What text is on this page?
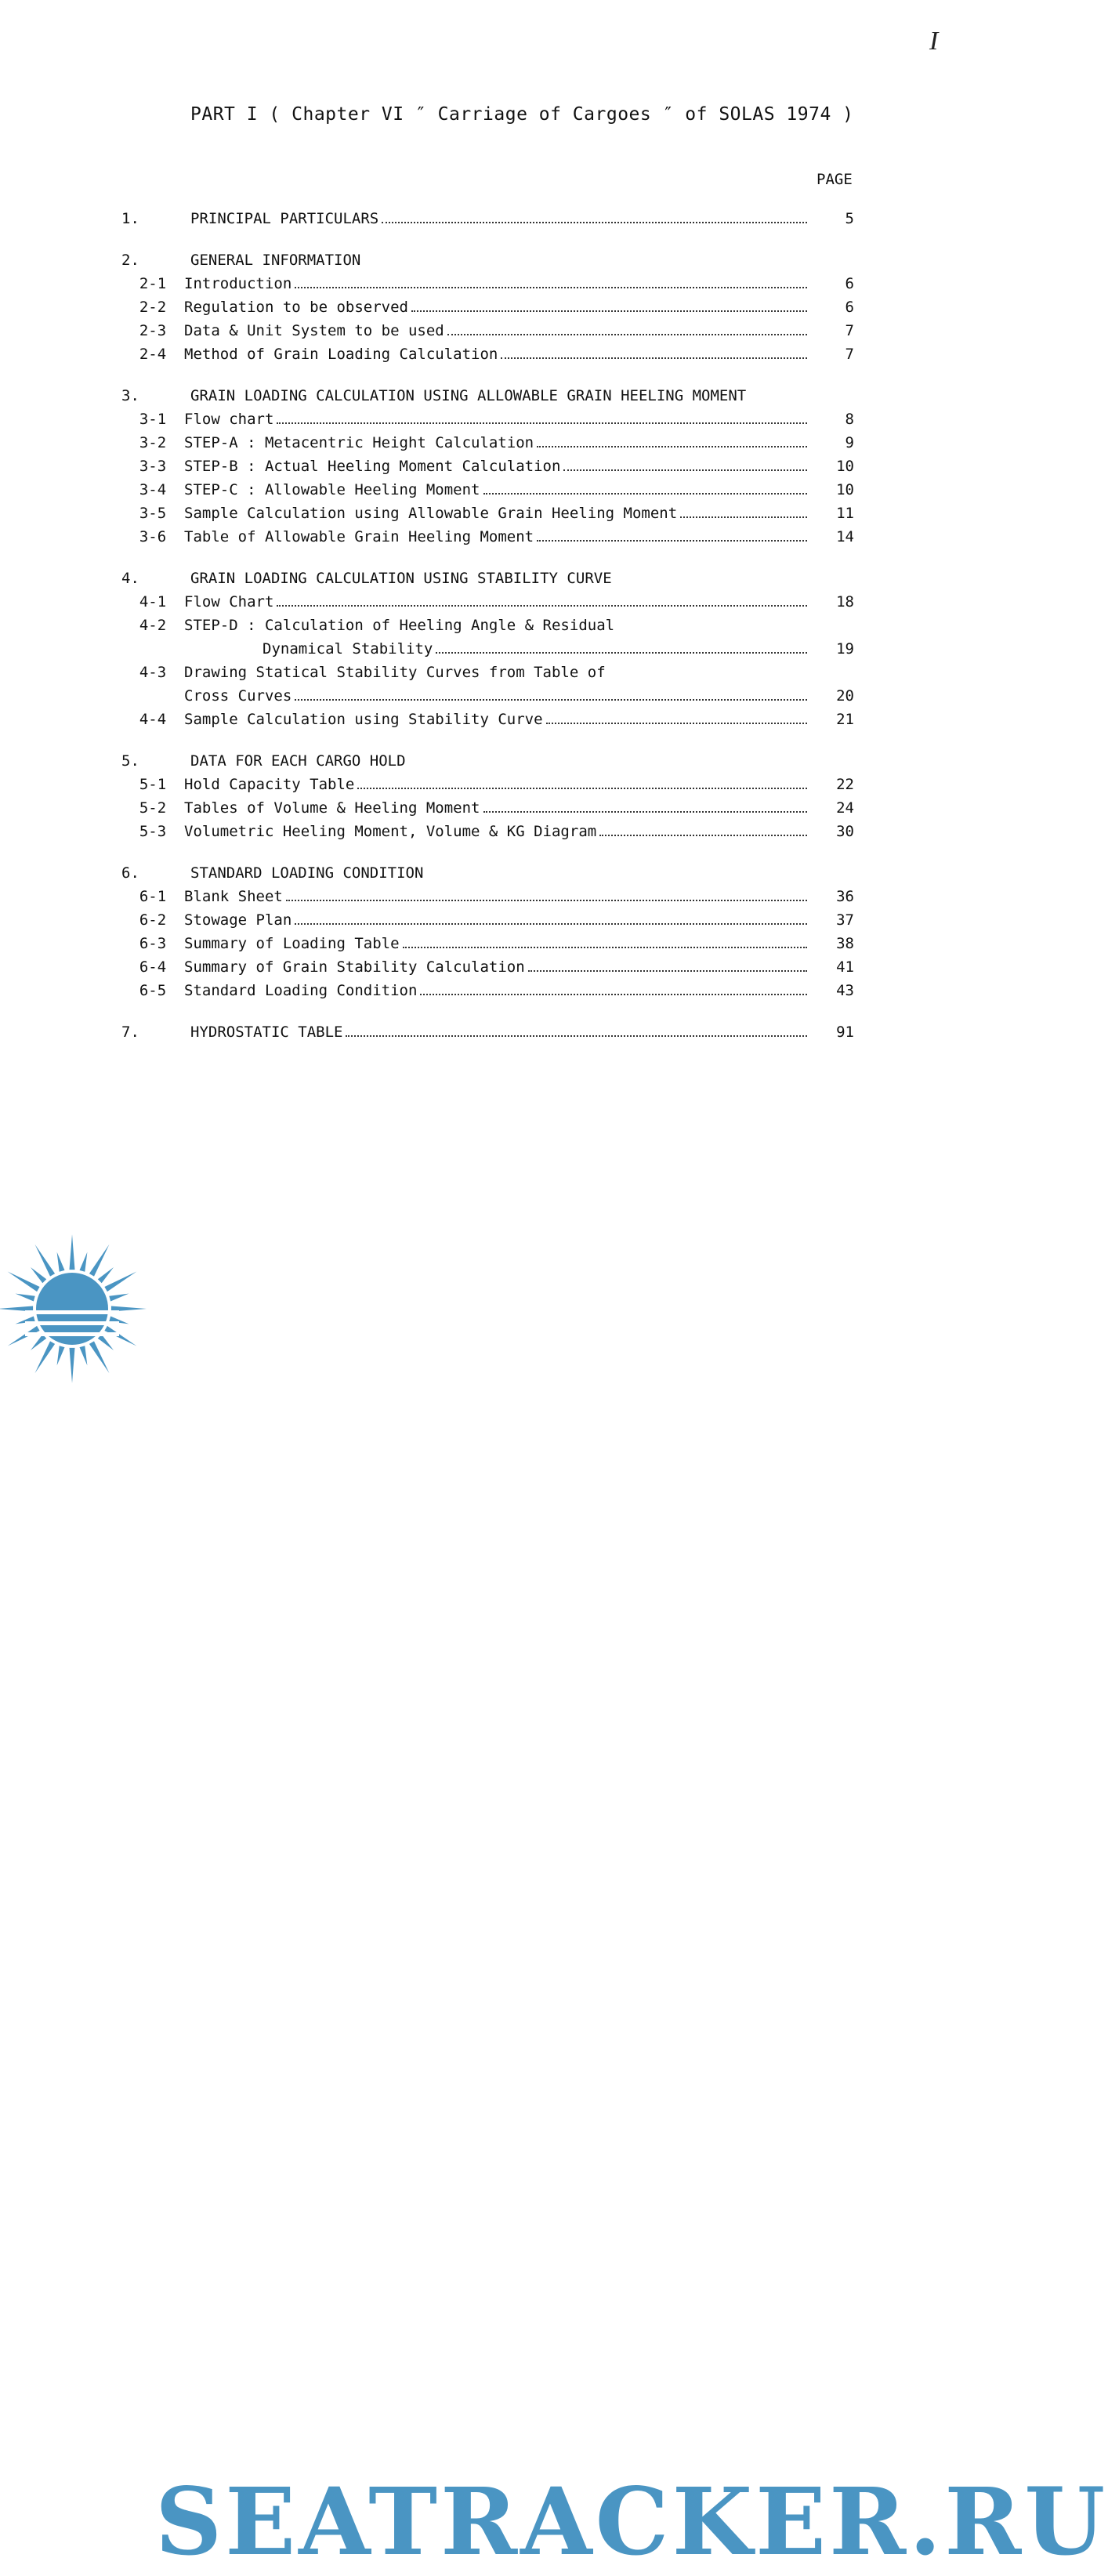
I
PART I ( Chapter VI ″ Carriage of Cargoes ″ of SOLAS 1974 )
PAGE
1.	PRINCIPAL PARTICULARS	5
2.	GENERAL INFORMATION
2-1	Introduction	6
2-2	Regulation to be observed	6
2-3	Data & Unit System to be used	7
2-4	Method of Grain Loading Calculation	7
3.	GRAIN LOADING CALCULATION USING ALLOWABLE GRAIN HEELING MOMENT
3-1	Flow chart	8
3-2	STEP-A : Metacentric Height Calculation	9
3-3	STEP-B : Actual Heeling Moment Calculation	10
3-4	STEP-C : Allowable Heeling Moment	10
3-5	Sample Calculation using Allowable Grain Heeling Moment	11
3-6	Table of Allowable Grain Heeling Moment	14
4.	GRAIN LOADING CALCULATION USING STABILITY CURVE
4-1	Flow Chart	18
4-2	STEP-D : Calculation of Heeling Angle & Residual
Dynamical Stability	19
4-3	Drawing Statical Stability Curves from Table of
Cross Curves	20
4-4	Sample Calculation using Stability Curve	21
5.	DATA FOR EACH CARGO HOLD
5-1	Hold Capacity Table	22
5-2	Tables of Volume & Heeling Moment	24
5-3	Volumetric Heeling Moment, Volume & KG Diagram	30
6.	STANDARD LOADING CONDITION
6-1	Blank Sheet	36
6-2	Stowage Plan	37
6-3	Summary of Loading Table	38
6-4	Summary of Grain Stability Calculation	41
6-5	Standard Loading Condition	43
7.	HYDROSTATIC TABLE	91
SEATRACKER.RU
